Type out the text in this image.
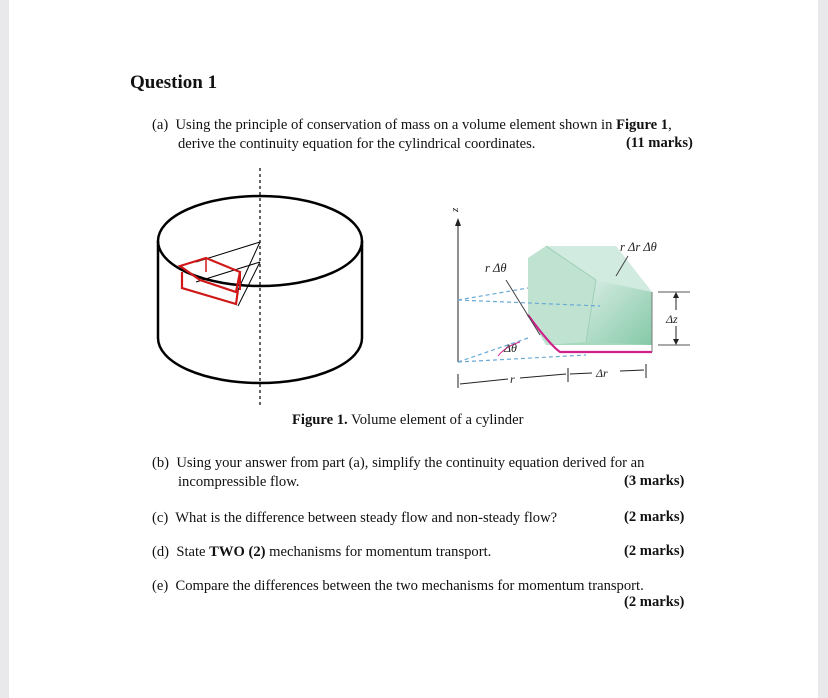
Question 1
(a) Using the principle of conservation of mass on a volume element shown in Figure 1,
derive the continuity equation for the cylindrical coordinates.	(11 marks)
z
r Δθ
r Δr Δθ
Δz
Δθ
r	Δr
Figure 1. Volume element of a cylinder
(b) Using your answer from part (a), simplify the continuity equation derived for an
incompressible flow.	(3 marks)
(c) What is the difference between steady flow and non-steady flow?	(2 marks)
(d) State TWO (2) mechanisms for momentum transport.	(2 marks)
(e) Compare the differences between the two mechanisms for momentum transport.
(2 marks)
